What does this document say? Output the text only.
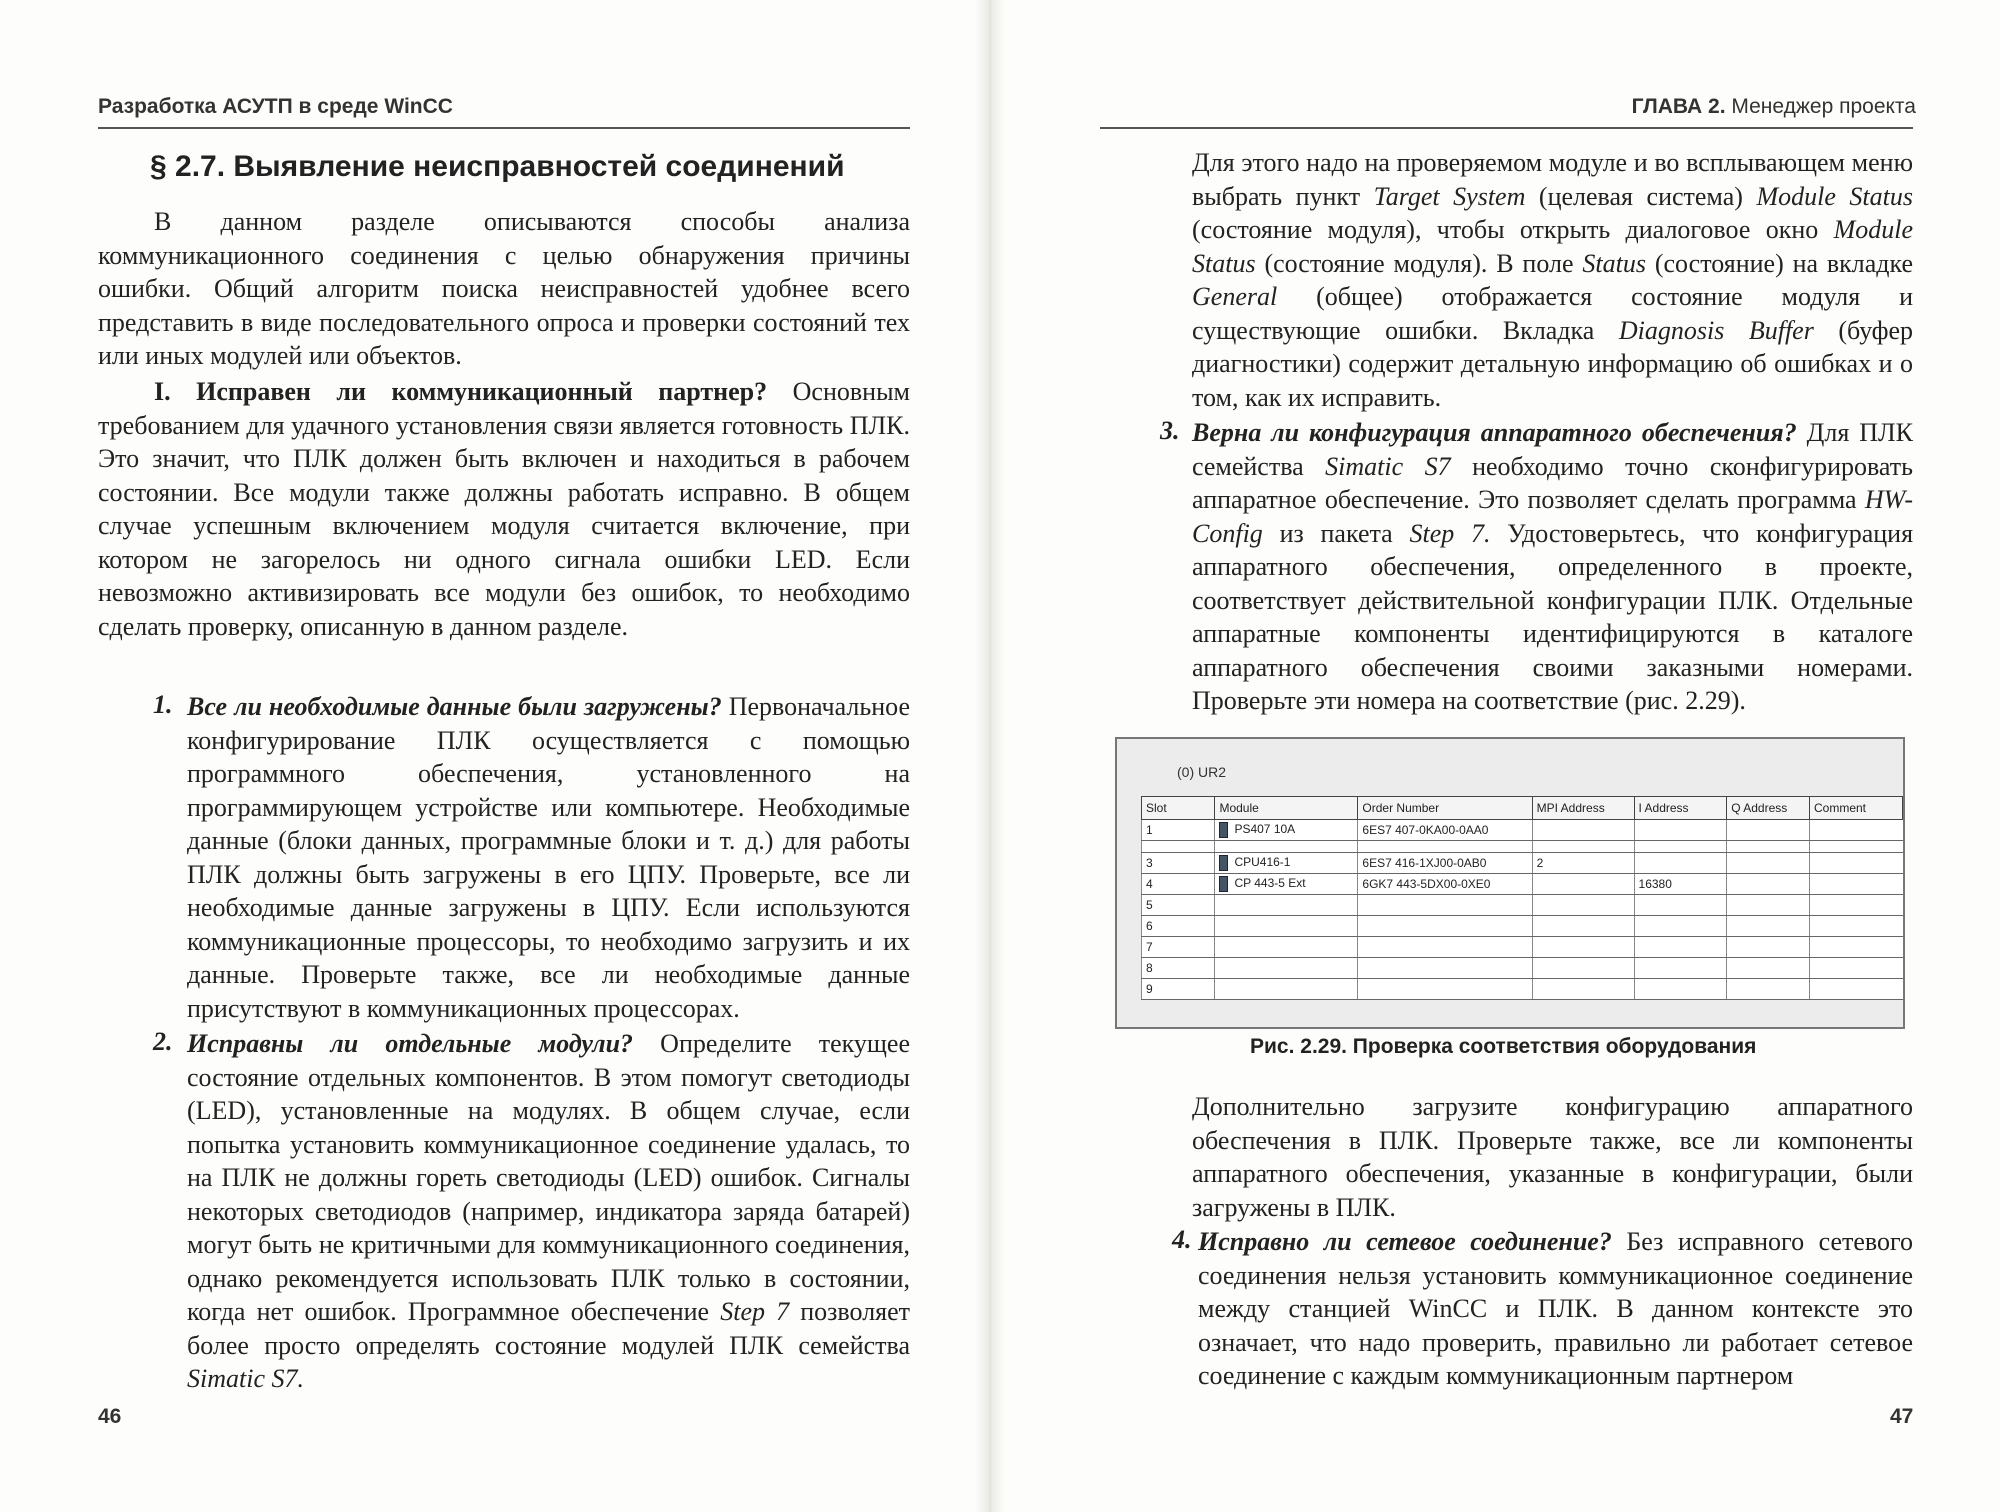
Разработка АСУТП в среде WinCC
§ 2.7. Выявление неисправностей соединений
В данном разделе описываются способы анализа коммуникационного соединения с целью обнаружения причины ошибки. Общий алгоритм поиска неисправностей удобнее всего представить в виде последовательного опроса и проверки состояний тех или иных модулей или объектов.
I. Исправен ли коммуникационный партнер? Основным требованием для удачного установления связи является готовность ПЛК. Это значит, что ПЛК должен быть включен и находиться в рабочем состоянии. Все модули также должны работать исправно. В общем случае успешным включением модуля считается включение, при котором не загорелось ни одного сигнала ошибки LED. Если невозможно активизировать все модули без ошибок, то необходимо сделать проверку, описанную в данном разделе.
1. Все ли необходимые данные были загружены? Первоначальное конфигурирование ПЛК осуществляется с помощью программного обеспечения, установленного на программирующем устройстве или компьютере. Необходимые данные (блоки данных, программные блоки и т. д.) для работы ПЛК должны быть загружены в его ЦПУ. Проверьте, все ли необходимые данные загружены в ЦПУ. Если используются коммуникационные процессоры, то необходимо загрузить и их данные. Проверьте также, все ли необходимые данные присутствуют в коммуникационных процессорах.
2. Исправны ли отдельные модули? Определите текущее состояние отдельных компонентов. В этом помогут светодиоды (LED), установленные на модулях. В общем случае, если попытка установить коммуникационное соединение удалась, то на ПЛК не должны гореть светодиоды (LED) ошибок. Сигналы некоторых светодиодов (например, индикатора заряда батарей) могут быть не критичными для коммуникационного соединения, однако рекомендуется использовать ПЛК только в состоянии, когда нет ошибок. Программное обеспечение Step 7 позволяет более просто определять состояние модулей ПЛК семейства Simatic S7.
46
ГЛАВА 2. Менеджер проекта
Для этого надо на проверяемом модуле и во всплывающем меню выбрать пункт Target System (целевая система) Module Status (состояние модуля), чтобы открыть диалоговое окно Module Status (состояние модуля). В поле Status (состояние) на вкладке General (общее) отображается состояние модуля и существующие ошибки. Вкладка Diagnosis Buffer (буфер диагностики) содержит детальную информацию об ошибках и о том, как их исправить.
3. Верна ли конфигурация аппаратного обеспечения? Для ПЛК семейства Simatic S7 необходимо точно сконфигурировать аппаратное обеспечение. Это позволяет сделать программа HW-Config из пакета Step 7. Удостоверьтесь, что конфигурация аппаратного обеспечения, определенного в проекте, соответствует действительной конфигурации ПЛК. Отдельные аппаратные компоненты идентифицируются в каталоге аппаратного обеспечения своими заказными номерами. Проверьте эти номера на соответствие (рис. 2.29).
(0) UR2
Slot	Module	Order Number	MPI Address	I Address	Q Address	Comment
1	PS407 10A	6ES7 407-0KA00-0AA0				

3	CPU416-1	6ES7 416-1XJ00-0AB0	2			
4	CP 443-5 Ext	6GK7 443-5DX00-0XE0		16380		
5						
6						
7						
8						
9						
Рис. 2.29. Проверка соответствия оборудования
Дополнительно загрузите конфигурацию аппаратного обеспечения в ПЛК. Проверьте также, все ли компоненты аппаратного обеспечения, указанные в конфигурации, были загружены в ПЛК.
4. Исправно ли сетевое соединение? Без исправного сетевого соединения нельзя установить коммуникационное соединение между станцией WinCC и ПЛК. В данном контексте это означает, что надо проверить, правильно ли работает сетевое соединение с каждым коммуникационным партнером
47
